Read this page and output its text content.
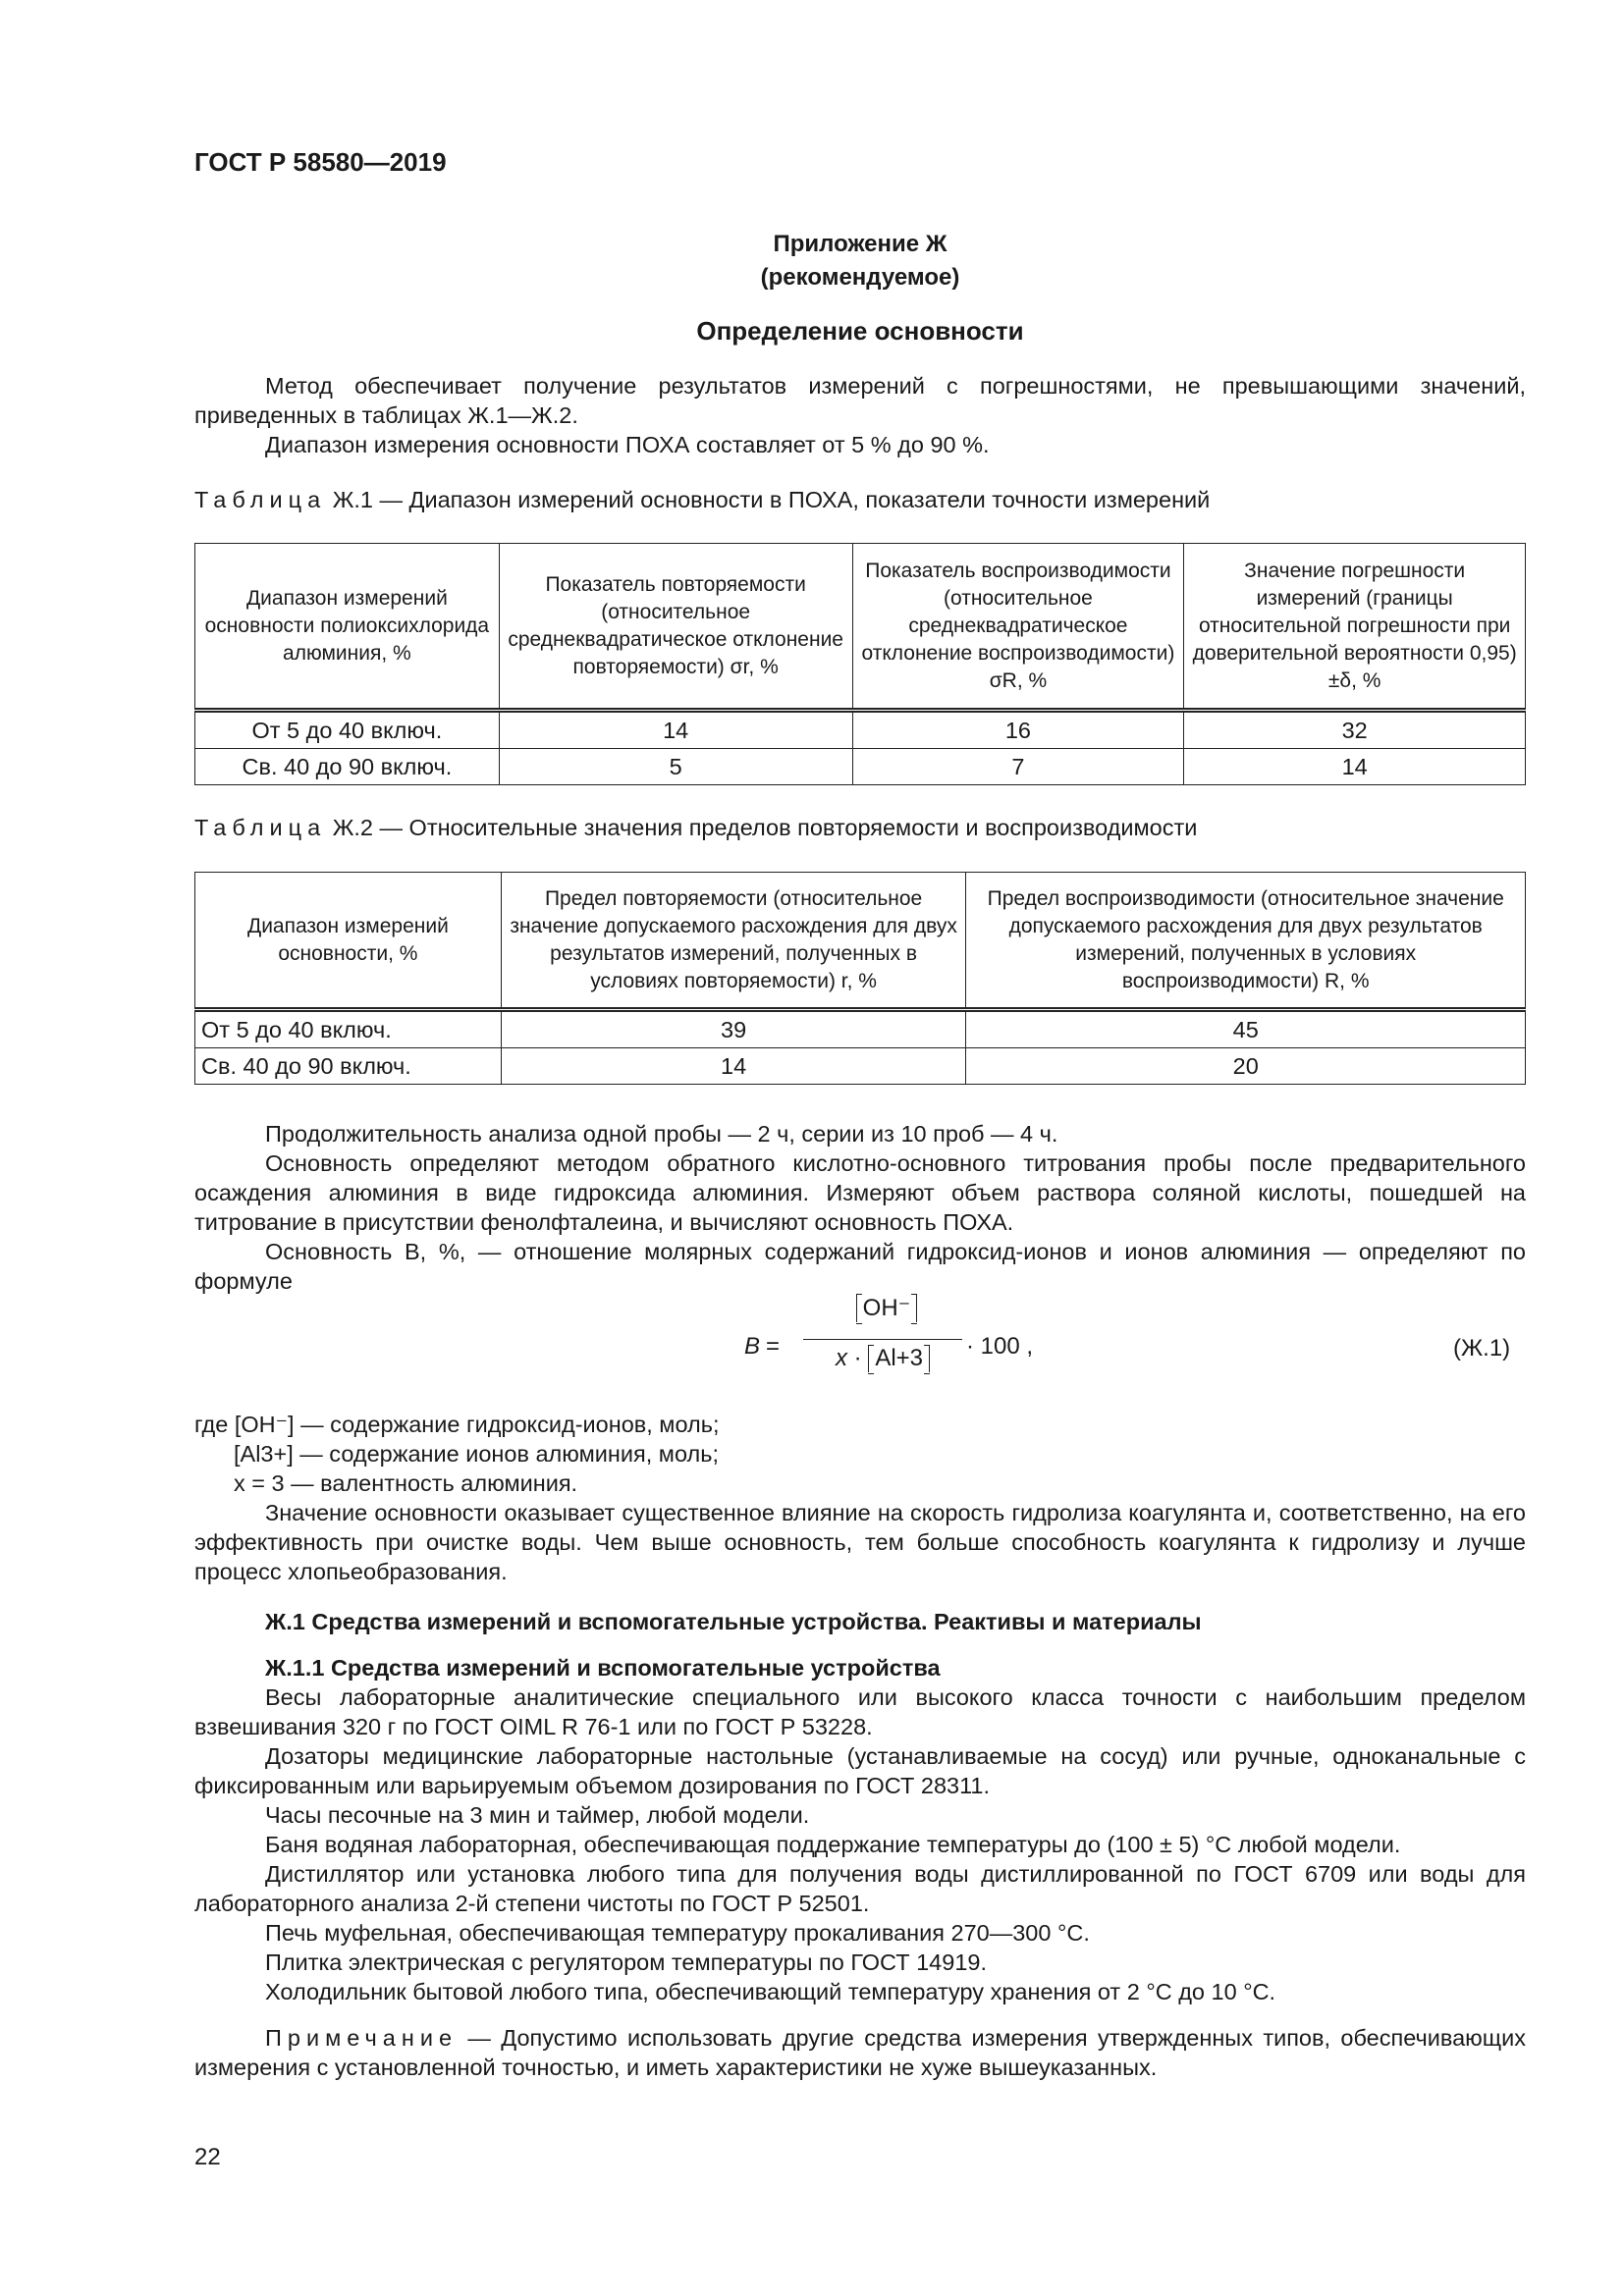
ГОСТ Р 58580—2019
Приложение Ж
(рекомендуемое)
Определение основности

Метод обеспечивает получение результатов измерений с погрешностями, не превышающими значений, приведенных в таблицах Ж.1—Ж.2.

Диапазон измерения основности ПОХА составляет от 5 % до 90 %.

Таблица Ж.1 — Диапазон измерений основности в ПОХА, показатели точности измерений
Диапазон измерений основности полиоксихлорида алюминия, %	Показатель повторяемости (относительное среднеквадратическое отклонение повторяемости) σr, %	Показатель воспроизводимости (относительное среднеквадратическое отклонение воспроизводимости) σR, %	Значение погрешности измерений (границы относительной погрешности при доверительной вероятности 0,95) ±δ, %
От 5 до 40 включ.	14	16	32
Св. 40 до 90 включ.	5	7	14
Таблица Ж.2 — Относительные значения пределов повторяемости и воспроизводимости
Диапазон измерений основности, %	Предел повторяемости (относительное значение допускаемого расхождения для двух результатов измерений, полученных в условиях повторяемости) r, %	Предел воспроизводимости (относительное значение допускаемого расхождения для двух результатов измерений, полученных в условиях воспроизводимости) R, %
От 5 до 40 включ.	39	45
Св. 40 до 90 включ.	14	20

Продолжительность анализа одной пробы — 2 ч, серии из 10 проб — 4 ч.

Основность определяют методом обратного кислотно-основного титрования пробы после предварительного осаждения алюминия в виде гидроксида алюминия. Измеряют объем раствора соляной кислоты, пошедшей на титрование в присутствии фенолфталеина, и вычисляют основность ПОХА.

Основность B, %, — отношение молярных содержаний гидроксид-ионов и ионов алюминия — определяют по формуле

B =
OH⁻
x · Al+3	· 100 ,	(Ж.1)

где [OH⁻] — содержание гидроксид-ионов, моль;

[Al3+] — содержание ионов алюминия, моль;

x = 3 — валентность алюминия.

Значение основности оказывает существенное влияние на скорость гидролиза коагулянта и, соответственно, на его эффективность при очистке воды. Чем выше основность, тем больше способность коагулянта к гидролизу и лучше процесс хлопьеобразования.

Ж.1 Средства измерений и вспомогательные устройства. Реактивы и материалы

Ж.1.1 Средства измерений и вспомогательные устройства

Весы лабораторные аналитические специального или высокого класса точности с наибольшим пределом взвешивания 320 г по ГОСТ OIML R 76-1 или по ГОСТ Р 53228.

Дозаторы медицинские лабораторные настольные (устанавливаемые на сосуд) или ручные, одноканальные с фиксированным или варьируемым объемом дозирования по ГОСТ 28311.

Часы песочные на 3 мин и таймер, любой модели.

Баня водяная лабораторная, обеспечивающая поддержание температуры до (100 ± 5) °С любой модели.

Дистиллятор или установка любого типа для получения воды дистиллированной по ГОСТ 6709 или воды для лабораторного анализа 2-й степени чистоты по ГОСТ Р 52501.

Печь муфельная, обеспечивающая температуру прокаливания 270—300 °С.

Плитка электрическая с регулятором температуры по ГОСТ 14919.

Холодильник бытовой любого типа, обеспечивающий температуру хранения от 2 °С до 10 °С.

Примечание — Допустимо использовать другие средства измерения утвержденных типов, обеспечивающих измерения с установленной точностью, и иметь характеристики не хуже вышеуказанных.

22
